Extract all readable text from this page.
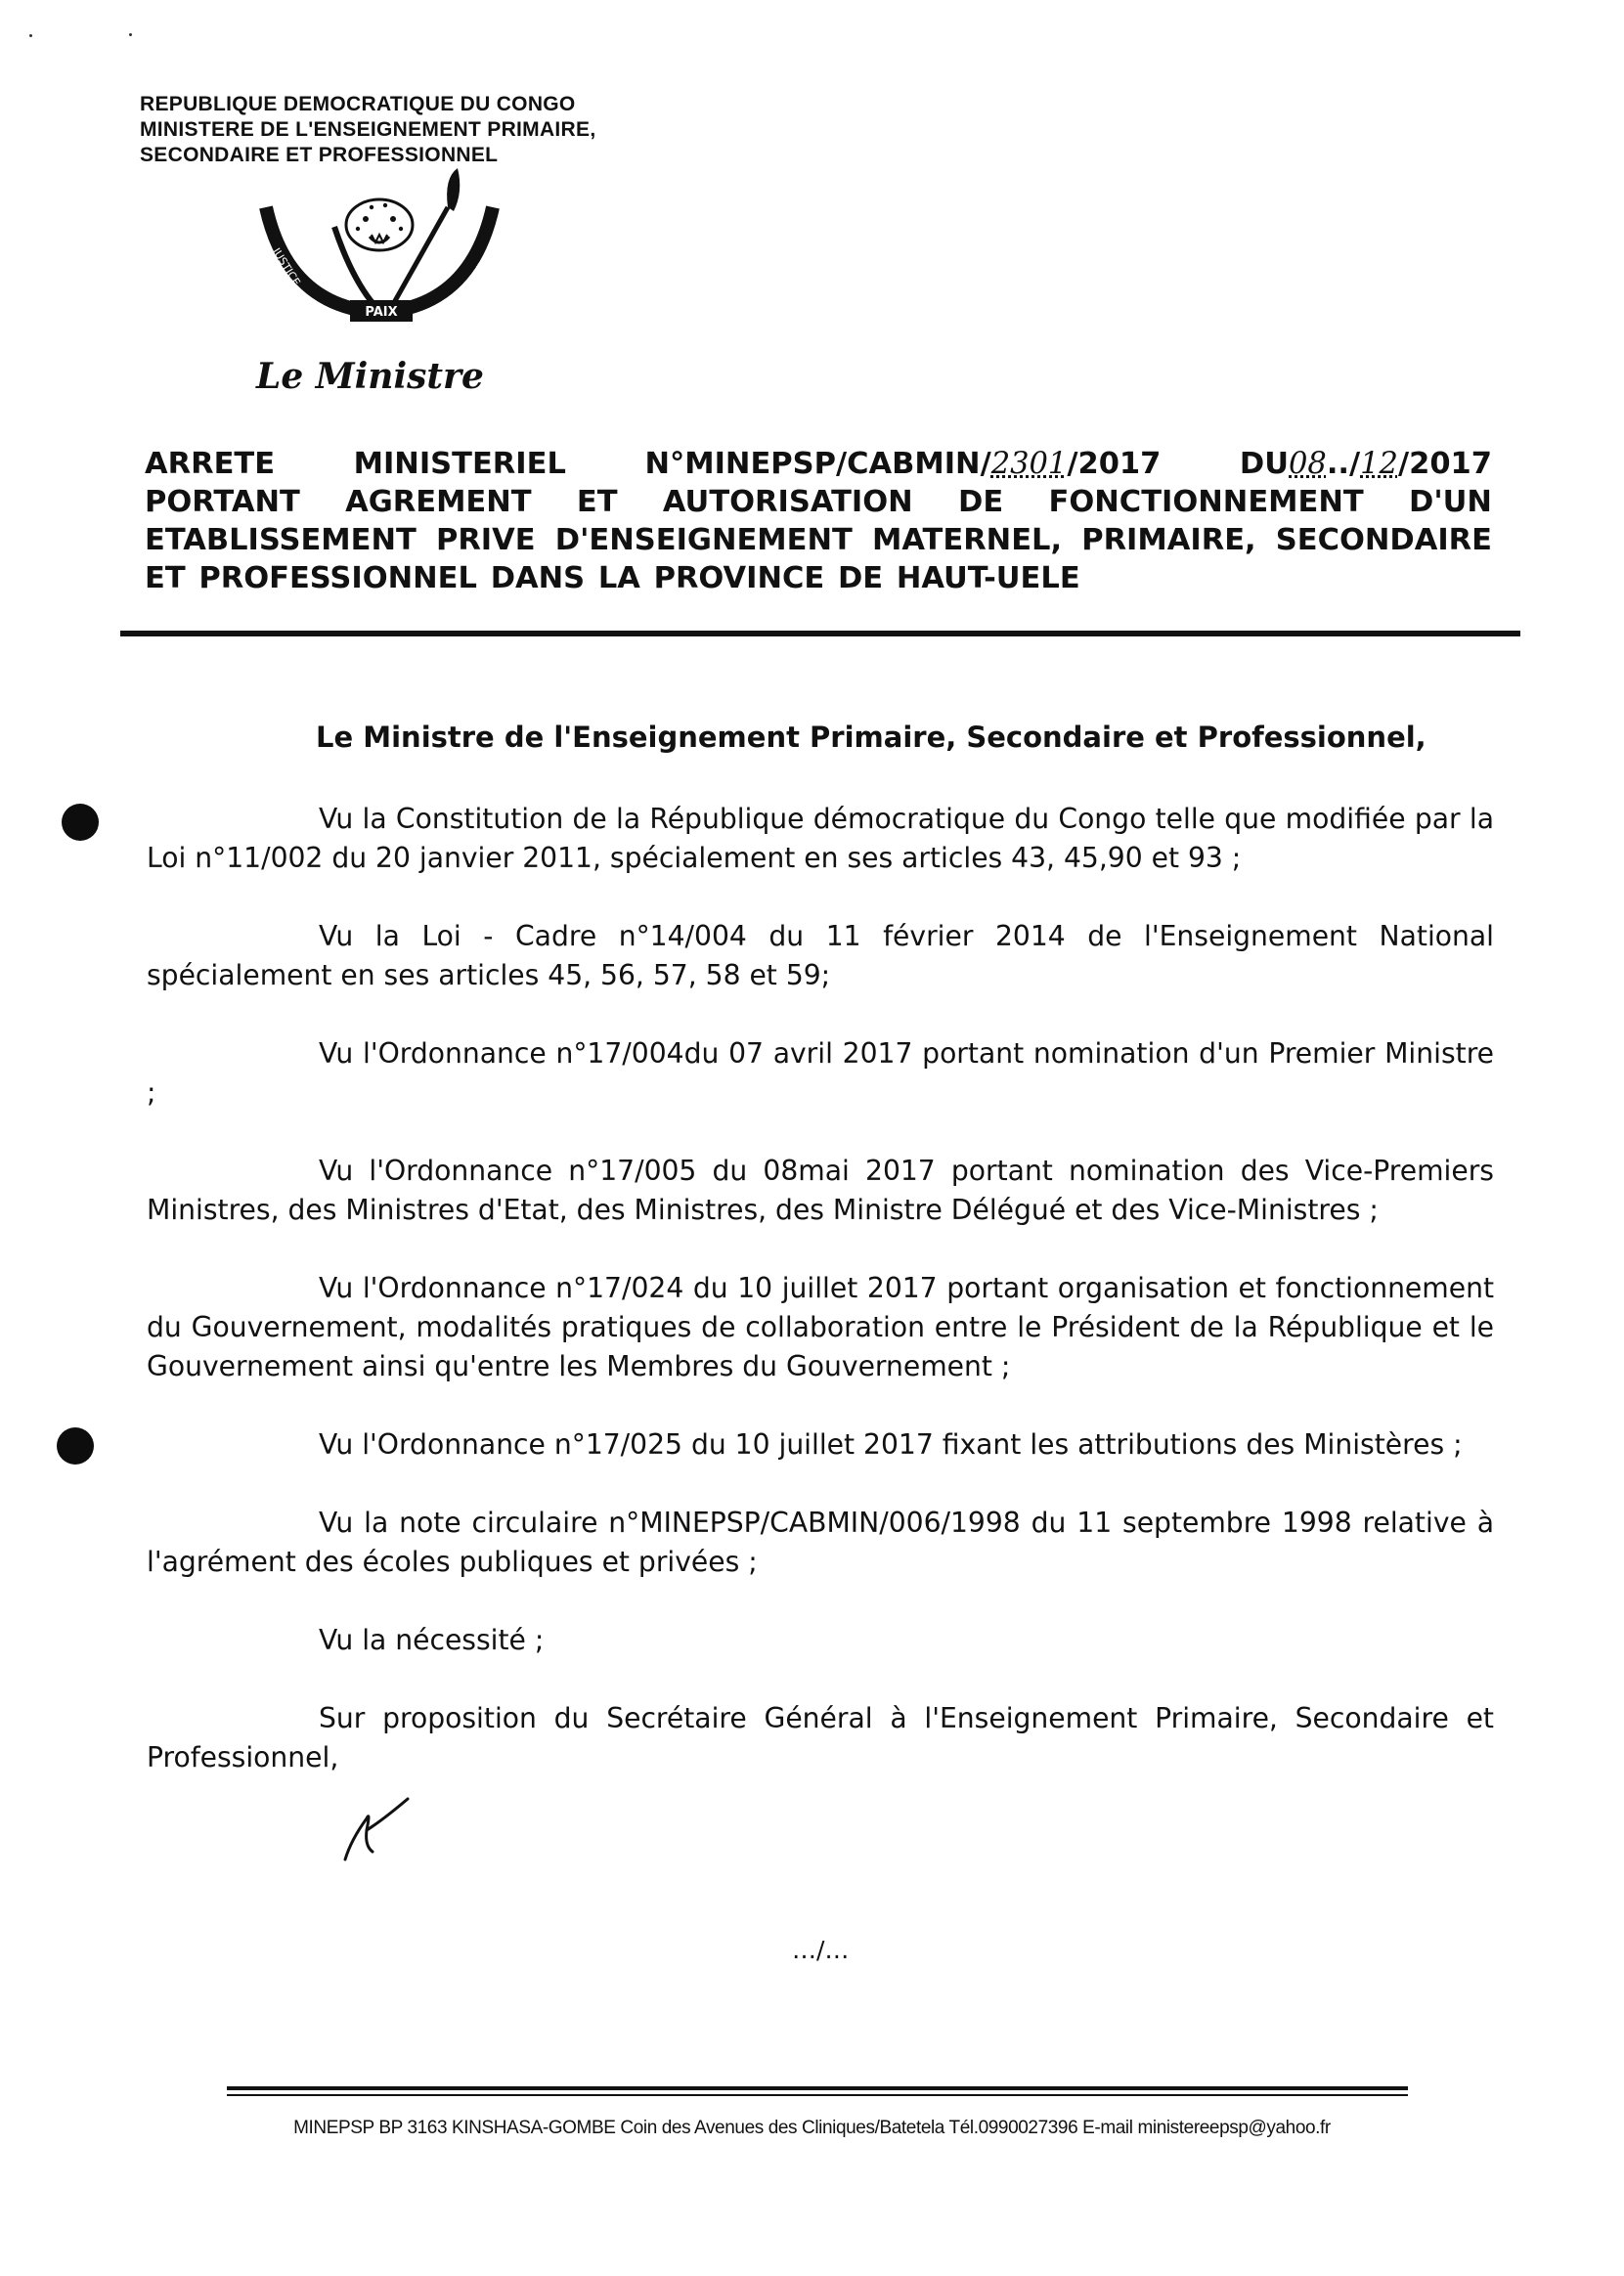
REPUBLIQUE DEMOCRATIQUE DU CONGO
MINISTERE DE L'ENSEIGNEMENT PRIMAIRE,
SECONDAIRE ET PROFESSIONNEL
JUSTICE
PAIX
TRAVAIL
Le Ministre
ARRETE	MINISTERIEL	N°MINEPSP/CABMIN/2301/2017	DU08../12/2017
PORTANT AGREMENT ET AUTORISATION DE FONCTIONNEMENT D'UN
ETABLISSEMENT PRIVE D'ENSEIGNEMENT MATERNEL, PRIMAIRE, SECONDAIRE
ET PROFESSIONNEL DANS LA PROVINCE DE HAUT-UELE
Le Ministre de l'Enseignement Primaire, Secondaire et Professionnel,

Vu la Constitution de la République démocratique du Congo telle que modifiée par la Loi n°11/002 du 20 janvier 2011, spécialement en ses articles 43, 45,90 et 93 ;

Vu la Loi - Cadre n°14/004 du 11 février 2014 de l'Enseignement National spécialement en ses articles 45, 56, 57, 58 et 59;

Vu l'Ordonnance n°17/004du 07 avril 2017 portant nomination d'un Premier Ministre ;

Vu l'Ordonnance n°17/005 du 08mai 2017 portant nomination des Vice-Premiers Ministres, des Ministres d'Etat, des Ministres, des Ministre Délégué et des Vice-Ministres ;

Vu l'Ordonnance n°17/024 du 10 juillet 2017 portant organisation et fonctionnement du Gouvernement, modalités pratiques de collaboration entre le Président de la République et le Gouvernement ainsi qu'entre les Membres du Gouvernement ;

Vu l'Ordonnance n°17/025 du 10 juillet 2017 fixant les attributions des Ministères ;

Vu la note circulaire n°MINEPSP/CABMIN/006/1998 du 11 septembre 1998 relative à l'agrément des écoles publiques et privées ;

Vu la nécessité ;

Sur proposition du Secrétaire Général à l'Enseignement Primaire, Secondaire et Professionnel,

…/…
MINEPSP BP 3163 KINSHASA-GOMBE Coin des Avenues des Cliniques/Batetela Tél.0990027396 E-mail ministereepsp@yahoo.fr
